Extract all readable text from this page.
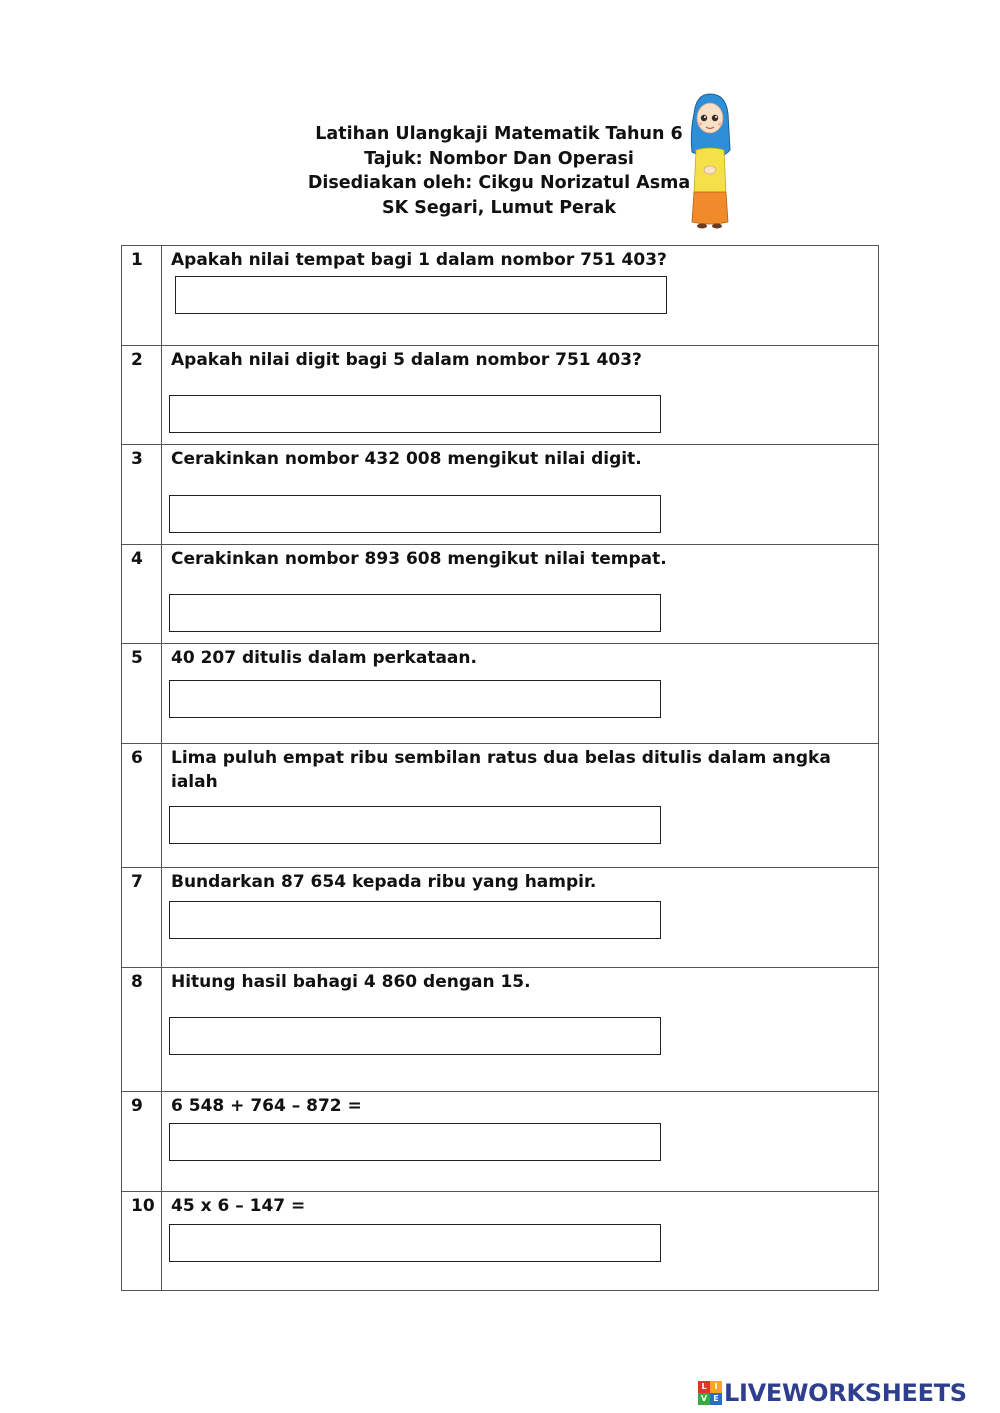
Latihan Ulangkaji Matematik Tahun 6
Tajuk: Nombor Dan Operasi
Disediakan oleh: Cikgu Norizatul Asma
SK Segari, Lumut Perak
1	Apakah nilai tempat bagi 1 dalam nombor 751 403?

2	Apakah nilai digit bagi 5 dalam nombor 751 403?

3	Cerakinkan nombor 432 008 mengikut nilai digit.

4	Cerakinkan nombor 893 608 mengikut nilai tempat.

5	40 207 ditulis dalam perkataan.

6	Lima puluh empat ribu sembilan ratus dua belas ditulis dalam angka ialah

7	Bundarkan 87 654 kepada ribu yang hampir.

8	Hitung hasil bahagi 4 860 dengan 15.

9	6 548 + 764 – 872 =

10	45 x 6 – 147 =
L I
V E LIVEWORKSHEETS
